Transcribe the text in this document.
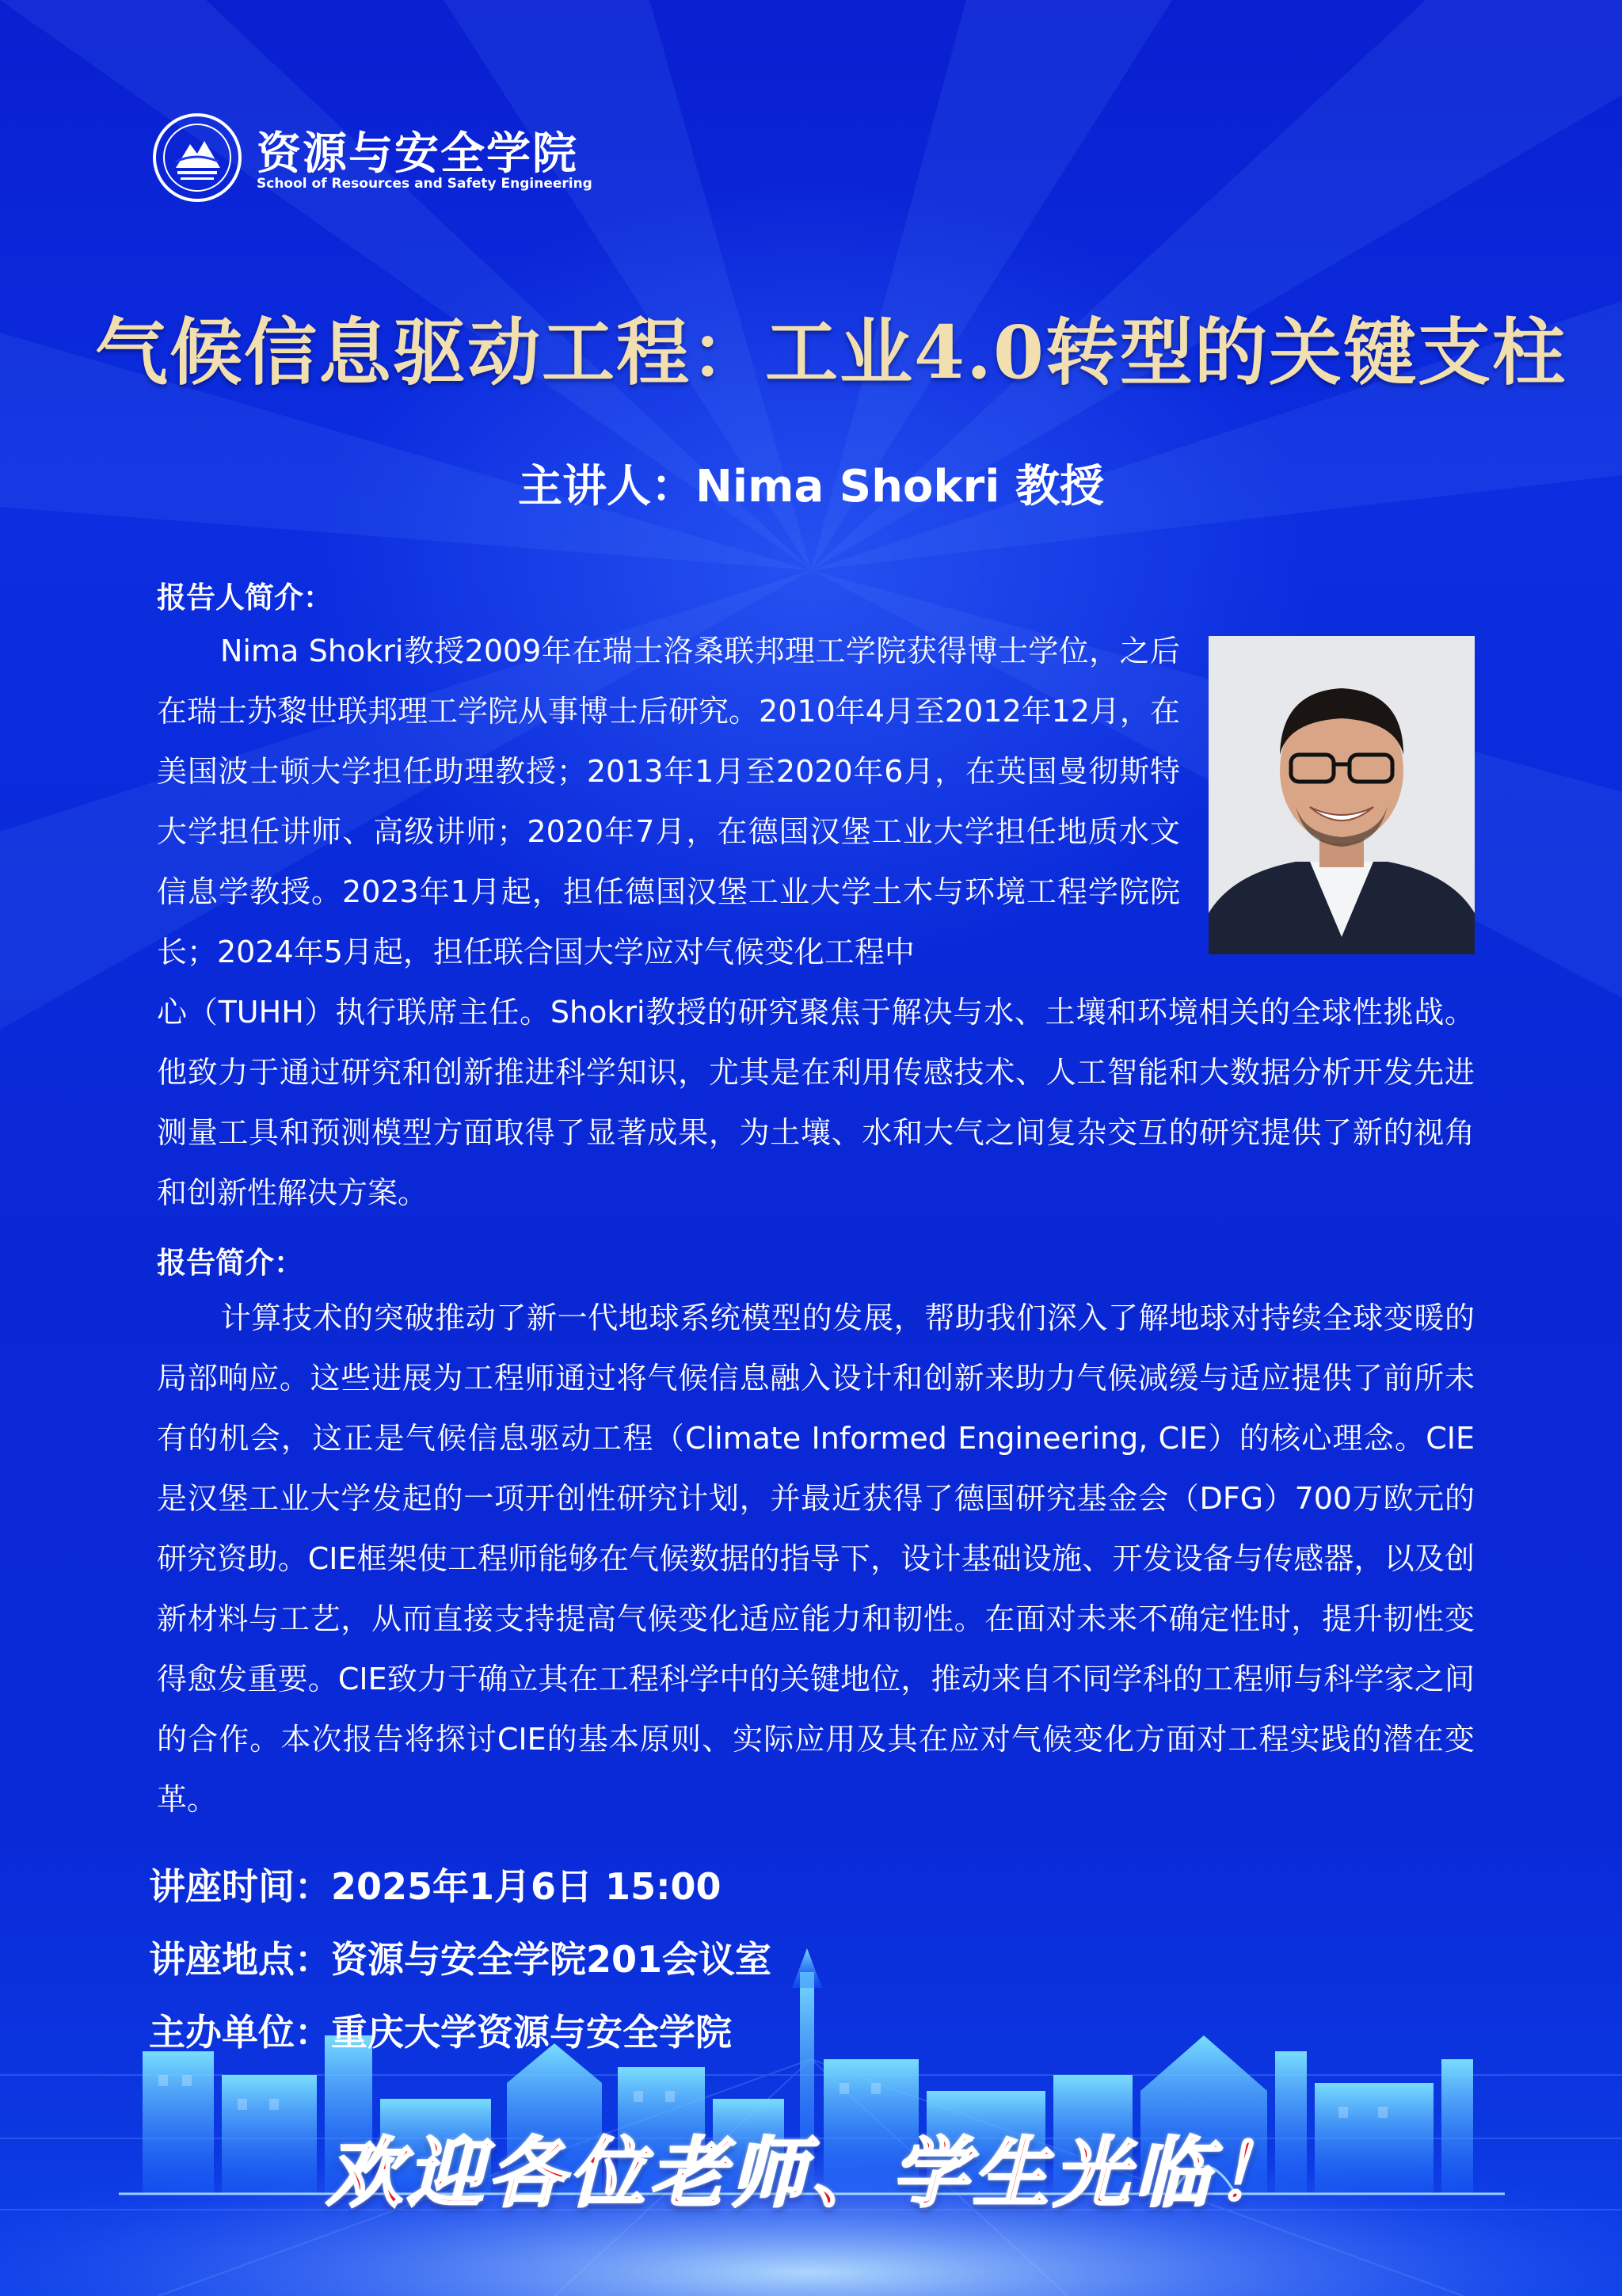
资源与安全学院
School of Resources and Safety Engineering
气候信息驱动工程：工业4.0转型的关键支柱
主讲人：Nima Shokri 教授
报告人简介：

Nima Shokri教授2009年在瑞士洛桑联邦理工学院获得博士学位，之后在瑞士苏黎世联邦理工学院从事博士后研究。2010年4月至2012年12月，在美国波士顿大学担任助理教授；2013年1月至2020年6月，在英国曼彻斯特大学担任讲师、高级讲师；2020年7月，在德国汉堡工业大学担任地质水文信息学教授。2023年1月起，担任德国汉堡工业大学土木与环境工程学院院长；2024年5月起，担任联合国大学应对气候变化工程中

心（TUHH）执行联席主任。Shokri教授的研究聚焦于解决与水、土壤和环境相关的全球性挑战。他致力于通过研究和创新推进科学知识，尤其是在利用传感技术、人工智能和大数据分析开发先进测量工具和预测模型方面取得了显著成果，为土壤、水和大气之间复杂交互的研究提供了新的视角和创新性解决方案。

报告简介：

计算技术的突破推动了新一代地球系统模型的发展，帮助我们深入了解地球对持续全球变暖的局部响应。这些进展为工程师通过将气候信息融入设计和创新来助力气候减缓与适应提供了前所未有的机会，这正是气候信息驱动工程（Climate Informed Engineering, CIE）的核心理念。CIE是汉堡工业大学发起的一项开创性研究计划，并最近获得了德国研究基金会（DFG）700万欧元的研究资助。CIE框架使工程师能够在气候数据的指导下，设计基础设施、开发设备与传感器，以及创新材料与工艺，从而直接支持提高气候变化适应能力和韧性。在面对未来不确定性时，提升韧性变得愈发重要。CIE致力于确立其在工程科学中的关键地位，推动来自不同学科的工程师与科学家之间的合作。本次报告将探讨CIE的基本原则、实际应用及其在应对气候变化方面对工程实践的潜在变革。

讲座时间：2025年1月6日 15:00
讲座地点：资源与安全学院201会议室
主办单位：重庆大学资源与安全学院
欢迎各位老师、学生光临！
